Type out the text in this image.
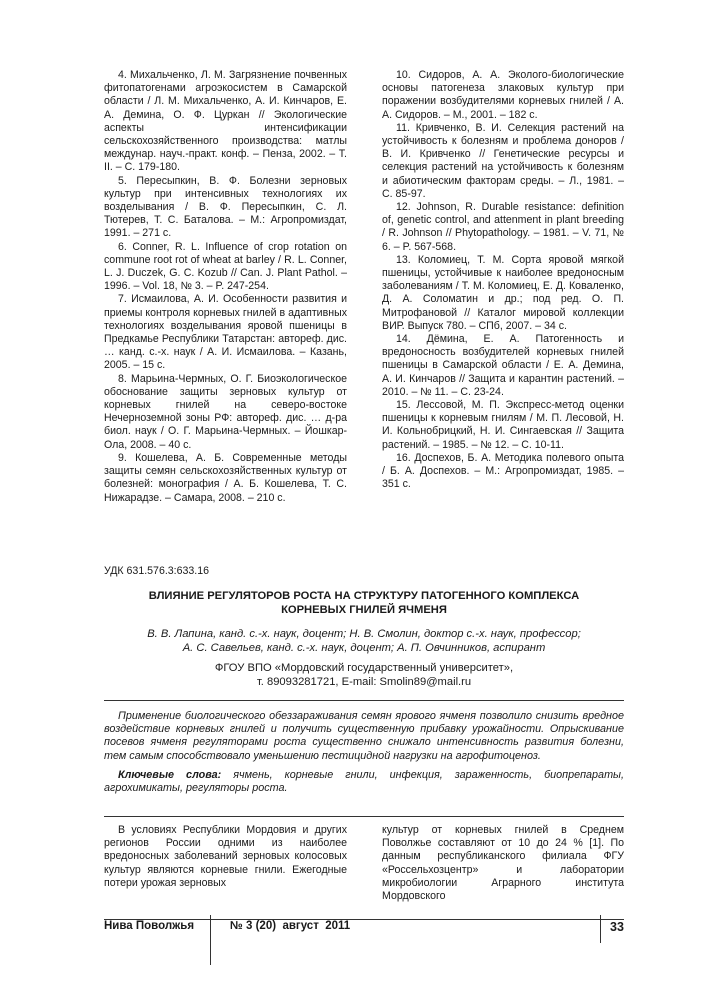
4. Михальченко, Л. М. Загрязнение почвенных фитопатогенами агроэкосистем в Самарской области / Л. М. Михальченко, А. И. Кинчаров, Е. А. Демина, О. Ф. Цуркан // Экологические аспекты интенсификации сельскохозяйственного производства: матлы междунар. науч.-практ. конф. – Пенза, 2002. – Т. II. – С. 179-180.

5. Пересыпкин, В. Ф. Болезни зерновых культур при интенсивных технологиях их возделывания / В. Ф. Пересыпкин, С. Л. Тютерев, Т. С. Баталова. – М.: Агропромиздат, 1991. – 271 с.

6. Conner, R. L. Influence of crop rotation on commune root rot of wheat at barley / R. L. Conner, L. J. Duczek, G. C. Kozub // Can. J. Plant Pathol. – 1996. – Vol. 18, № 3. – P. 247-254.

7. Исмаилова, А. И. Особенности развития и приемы контроля корневых гнилей в адаптивных технологиях возделывания яровой пшеницы в Предкамье Республики Татарстан: автореф. дис. … канд. с.-х. наук / А. И. Исмаилова. – Казань, 2005. – 15 с.

8. Марьина-Чермных, О. Г. Биоэкологическое обоснование защиты зерновых культур от корневых гнилей на северо-востоке Нечерноземной зоны РФ: автореф. дис. … д-ра биол. наук / О. Г. Марьина-Чермных. – Йошкар-Ола, 2008. – 40 с.

9. Кошелева, А. Б. Современные методы защиты семян сельскохозяйственных культур от болезней: монография / А. Б. Кошелева, Т. С. Нижарадзе. – Самара, 2008. – 210 с.

10. Сидоров, А. А. Эколого-биологические основы патогенеза злаковых культур при поражении возбудителями корневых гнилей / А. А. Сидоров. – М., 2001. – 182 с.

11. Кривченко, В. И. Селекция растений на устойчивость к болезням и проблема доноров / В. И. Кривченко // Генетические ресурсы и селекция растений на устойчивость к болезням и абиотическим факторам среды. – Л., 1981. – С. 85-97.

12. Johnson, R. Durable resistance: definition of, genetic control, and attenment in plant breeding / R. Johnson // Phytopathology. – 1981. – V. 71, № 6. – P. 567-568.

13. Коломиец, Т. М. Сорта яровой мягкой пшеницы, устойчивые к наиболее вредоносным заболеваниям / Т. М. Коломиец, Е. Д. Коваленко, Д. А. Соломатин и др.; под ред. О. П. Митрофановой // Каталог мировой коллекции ВИР. Выпуск 780. – СПб, 2007. – 34 с.

14. Дёмина, Е. А. Патогенность и вредоносность возбудителей корневых гнилей пшеницы в Самарской области / Е. А. Демина, А. И. Кинчаров // Защита и карантин растений. – 2010. – № 11. – С. 23-24.

15. Лессовой, М. П. Экспресс-метод оценки пшеницы к корневым гнилям / М. П. Лесовой, Н. И. Кольнобрицкий, Н. И. Сингаевская // Защита растений. – 1985. – № 12. – С. 10-11.

16. Доспехов, Б. А. Методика полевого опыта / Б. А. Доспехов. – М.: Агропромиздат, 1985. – 351 с.

УДК 631.576.3:633.16
ВЛИЯНИЕ РЕГУЛЯТОРОВ РОСТА НА СТРУКТУРУ ПАТОГЕННОГО КОМПЛЕКСА
КОРНЕВЫХ ГНИЛЕЙ ЯЧМЕНЯ
В. В. Лапина, канд. с.-х. наук, доцент; Н. В. Смолин, доктор с.-х. наук, профессор;
А. С. Савельев, канд. с.-х. наук, доцент; А. П. Овчинников, аспирант
ФГОУ ВПО «Мордовский государственный университет»,
т. 89093281721, E-mail: Smolin89@mail.ru

Применение биологического обеззараживания семян ярового ячменя позволило снизить вредное воздействие корневых гнилей и получить существенную прибавку урожайности. Опрыскивание посевов ячменя регуляторами роста существенно снижало интенсивность развития болезни, тем самым способствовало уменьшению пестицидной нагрузки на агрофитоценоз.

Ключевые слова: ячмень, корневые гнили, инфекция, зараженность, биопрепараты, агрохимикаты, регуляторы роста.

В условиях Республики Мордовия и других регионов России одними из наиболее вредоносных заболеваний зерновых колосовых культур являются корневые гнили. Ежегодные потери урожая зерновых

культур от корневых гнилей в Среднем Поволжье составляют от 10 до 24 % [1]. По данным республиканского филиала ФГУ «Россельхозцентр» и лаборатории микробиологии Аграрного института Мордовского

Нива Поволжья	№ 3 (20)  август  2011	33
